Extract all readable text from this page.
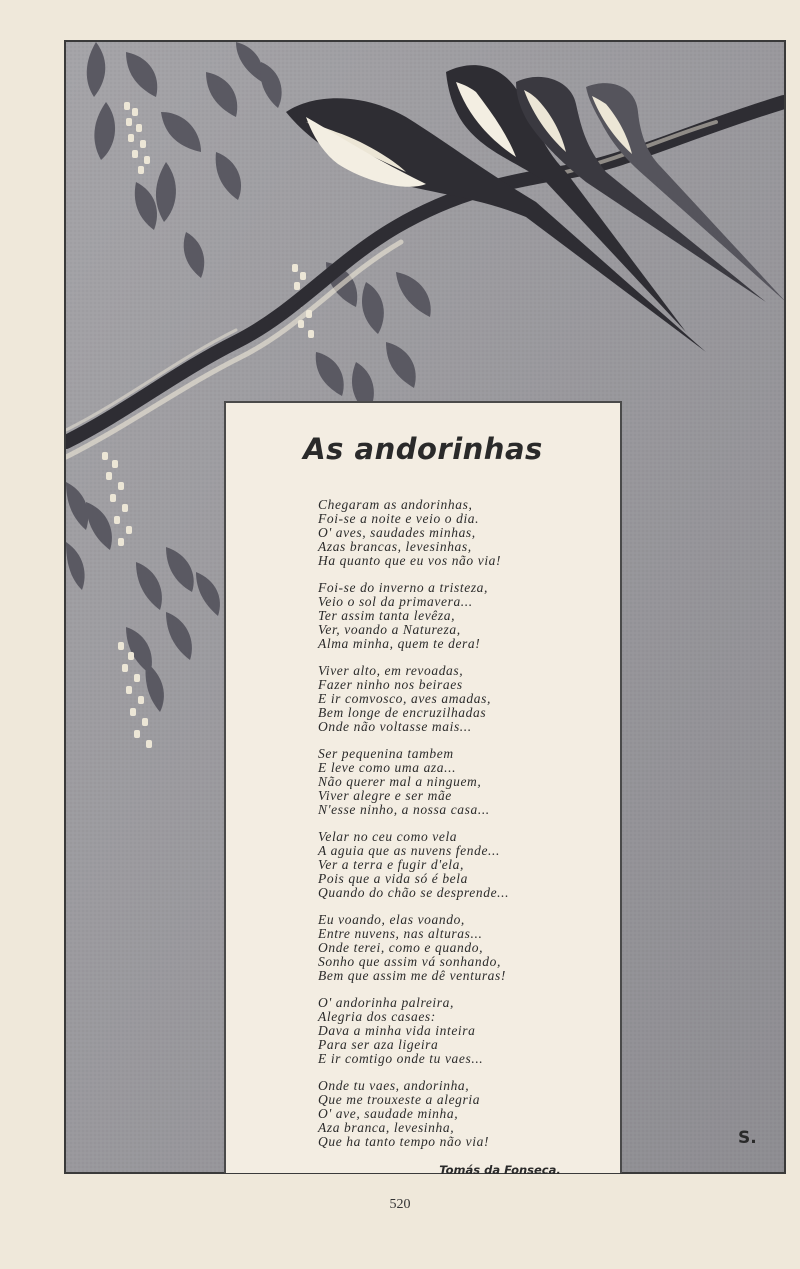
As andorinhas
Chegaram as andorinhas,
Foi-se a noite e veio o dia.
O' aves, saudades minhas,
Azas brancas, levesinhas,
Ha quanto que eu vos não via!
Foi-se do inverno a tristeza,
Veio o sol da primavera...
Ter assim tanta levêza,
Ver, voando a Natureza,
Alma minha, quem te dera!
Viver alto, em revoadas,
Fazer ninho nos beiraes
E ir comvosco, aves amadas,
Bem longe de encruzilhadas
Onde não voltasse mais...
Ser pequenina tambem
E leve como uma aza...
Não querer mal a ninguem,
Viver alegre e ser mãe
N'esse ninho, a nossa casa...
Velar no ceu como vela
A aguia que as nuvens fende...
Ver a terra e fugir d'ela,
Pois que a vida só é bela
Quando do chão se desprende...
Eu voando, elas voando,
Entre nuvens, nas alturas...
Onde terei, como e quando,
Sonho que assim vá sonhando,
Bem que assim me dê venturas!
O' andorinha palreira,
Alegria dos casaes:
Dava a minha vida inteira
Para ser aza ligeira
E ir comtigo onde tu vaes...
Onde tu vaes, andorinha,
Que me trouxeste a alegria
O' ave, saudade minha,
Aza branca, levesinha,
Que ha tanto tempo não via!
Tomás da Fonseca.
S.
520
